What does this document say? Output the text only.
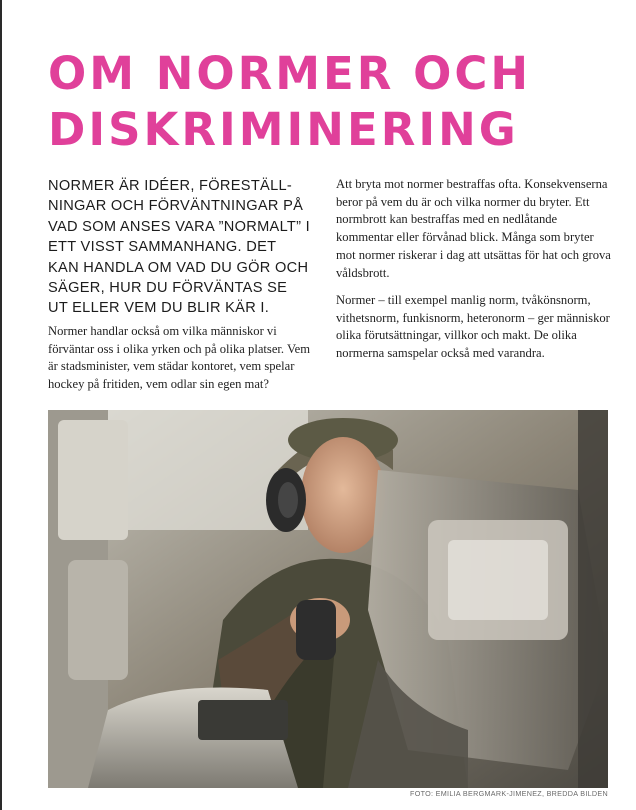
OM NORMER OCH
DISKRIMINERING

NORMER ÄR IDÉER, FÖRESTÄLL-NINGAR OCH FÖRVÄNTNINGAR PÅ VAD SOM ANSES VARA ”NORMALT” I ETT VISST SAMMANHANG. DET KAN HANDLA OM VAD DU GÖR OCH SÄGER, HUR DU FÖRVÄNTAS SE UT ELLER VEM DU BLIR KÄR I.

Normer handlar också om vilka människor vi förväntar oss i olika yrken och på olika platser. Vem är stadsminister, vem städar kontoret, vem spelar hockey på fritiden, vem odlar sin egen mat?

Att bryta mot normer bestraffas ofta. Konsekvenserna beror på vem du är och vilka normer du bryter. Ett normbrott kan bestraffas med en nedlåtande kommentar eller förvånad blick. Många som bryter mot normer riskerar i dag att utsättas för hat och grova våldsbrott.

Normer – till exempel manlig norm, tvåkönsnorm, vithetsnorm, funkisnorm, heteronorm – ger människor olika förutsättningar, villkor och makt. De olika normerna samspelar också med varandra.

FOTO: EMILIA BERGMARK-JIMENEZ, BREDDA BILDEN
